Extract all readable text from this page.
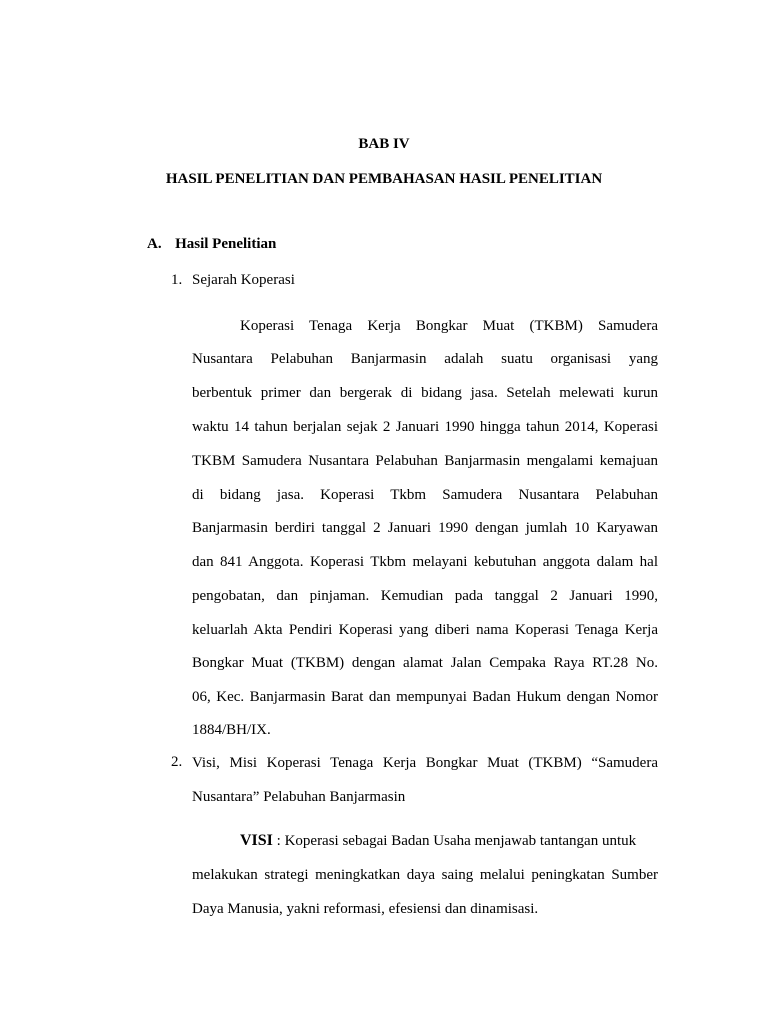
BAB IV
HASIL PENELITIAN DAN PEMBAHASAN HASIL PENELITIAN
A. Hasil Penelitian
1. Sejarah Koperasi
Koperasi Tenaga Kerja Bongkar Muat (TKBM) Samudera
Nusantara Pelabuhan Banjarmasin adalah suatu organisasi yang
berbentuk primer dan bergerak di bidang jasa. Setelah melewati kurun
waktu 14 tahun berjalan sejak 2 Januari 1990 hingga tahun 2014, Koperasi
TKBM Samudera Nusantara Pelabuhan Banjarmasin mengalami kemajuan
di bidang jasa. Koperasi Tkbm Samudera Nusantara Pelabuhan
Banjarmasin berdiri tanggal 2 Januari 1990 dengan jumlah 10 Karyawan
dan 841 Anggota. Koperasi Tkbm melayani kebutuhan anggota dalam hal
pengobatan, dan pinjaman. Kemudian pada tanggal 2 Januari 1990,
keluarlah Akta Pendiri Koperasi yang diberi nama Koperasi Tenaga Kerja
Bongkar Muat (TKBM) dengan alamat Jalan Cempaka Raya RT.28 No.
06, Kec. Banjarmasin Barat dan mempunyai Badan Hukum dengan Nomor
1884/BH/IX.
2. Visi, Misi Koperasi Tenaga Kerja Bongkar Muat (TKBM) “Samudera
Nusantara” Pelabuhan Banjarmasin
VISI : Koperasi sebagai Badan Usaha menjawab tantangan untuk
melakukan strategi meningkatkan daya saing melalui peningkatan Sumber
Daya Manusia, yakni reformasi, efesiensi dan dinamisasi.
